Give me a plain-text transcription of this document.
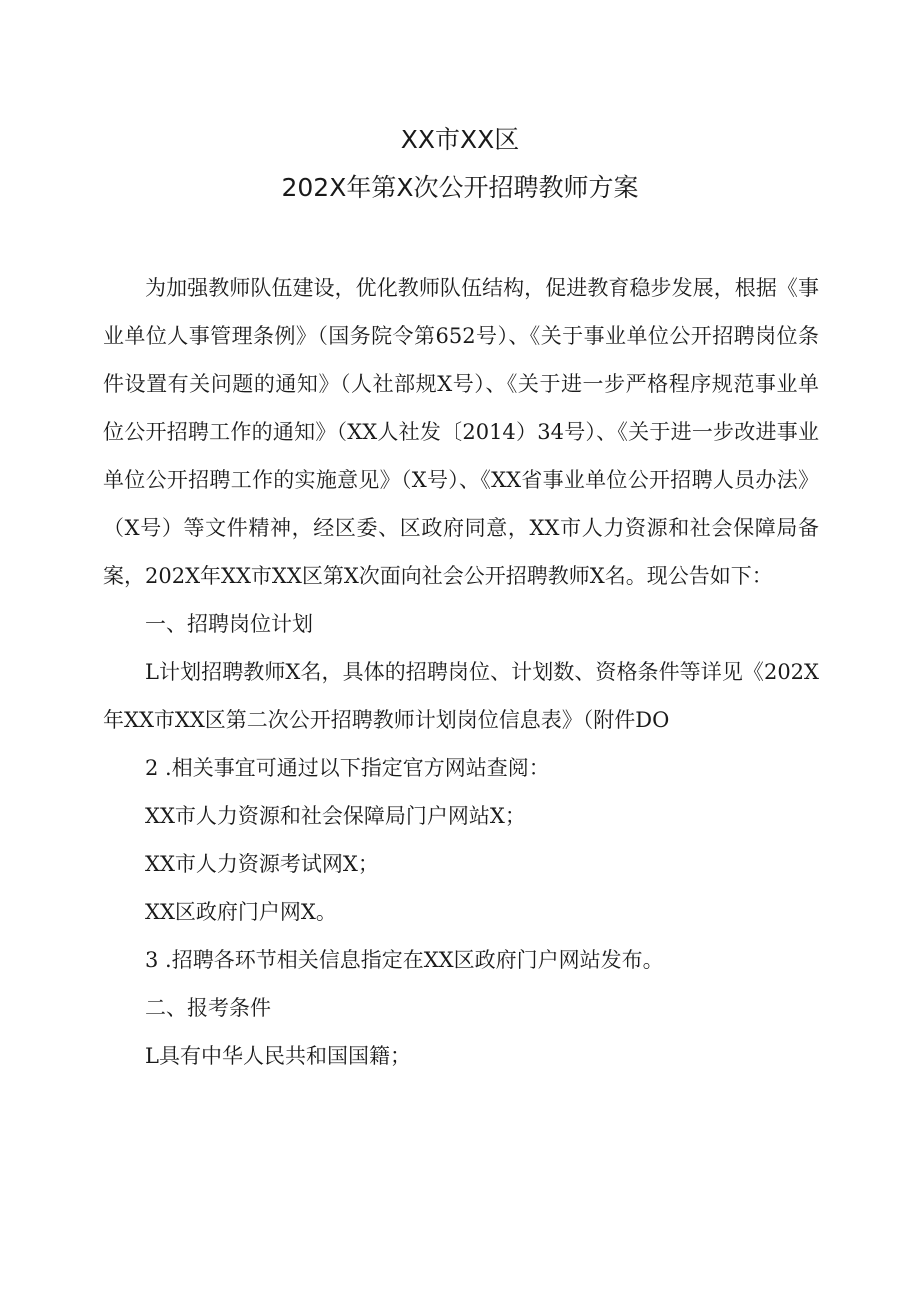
XX市XX区
202X年第X次公开招聘教师方案

为加强教师队伍建设，优化教师队伍结构，促进教育稳步发展，根据《事业单位人事管理条例》（国务院令第652号）、《关于事业单位公开招聘岗位条件设置有关问题的通知》（人社部规X号）、《关于进一步严格程序规范事业单位公开招聘工作的通知》（XX人社发〔2014）34号）、《关于进一步改进事业单位公开招聘工作的实施意见》（X号）、《XX省事业单位公开招聘人员办法》（X号）等文件精神，经区委、区政府同意，XX市人力资源和社会保障局备案，202X年XX市XX区第X次面向社会公开招聘教师X名。现公告如下：

一、招聘岗位计划

L计划招聘教师X名，具体的招聘岗位、计划数、资格条件等详见《202X年XX市XX区第二次公开招聘教师计划岗位信息表》（附件DO

2 .相关事宜可通过以下指定官方网站查阅：

XX市人力资源和社会保障局门户网站X；

XX市人力资源考试网X；

XX区政府门户网X。

3 .招聘各环节相关信息指定在XX区政府门户网站发布。

二、报考条件

L具有中华人民共和国国籍；
